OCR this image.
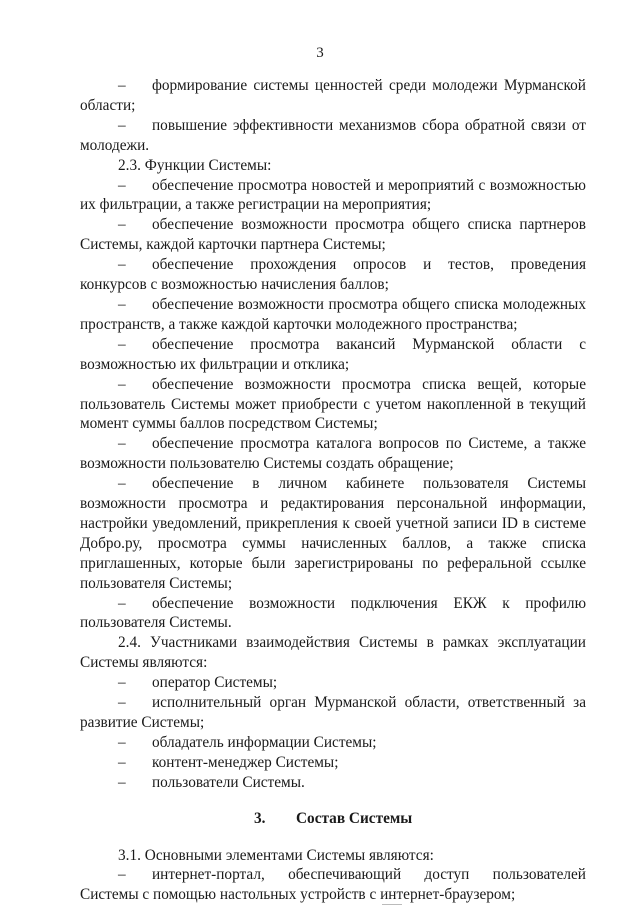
3

– формирование системы ценностей среди молодежи Мурманской области;

– повышение эффективности механизмов сбора обратной связи от молодежи.

2.3. Функции Системы:

– обеспечение просмотра новостей и мероприятий с возможностью их фильтрации, а также регистрации на мероприятия;

– обеспечение возможности просмотра общего списка партнеров Системы, каждой карточки партнера Системы;

– обеспечение прохождения опросов и тестов, проведения конкурсов с возможностью начисления баллов;

– обеспечение возможности просмотра общего списка молодежных пространств, а также каждой карточки молодежного пространства;

– обеспечение просмотра вакансий Мурманской области с возможностью их фильтрации и отклика;

– обеспечение возможности просмотра списка вещей, которые пользователь Системы может приобрести с учетом накопленной в текущий момент суммы баллов посредством Системы;

– обеспечение просмотра каталога вопросов по Системе, а также возможности пользователю Системы создать обращение;

– обеспечение в личном кабинете пользователя Системы возможности просмотра и редактирования персональной информации, настройки уведомлений, прикрепления к своей учетной записи ID в системе Добро.ру, просмотра суммы начисленных баллов, а также списка приглашенных, которые были зарегистрированы по реферальной ссылке пользователя Системы;

– обеспечение возможности подключения ЕКЖ к профилю пользователя Системы.

2.4. Участниками взаимодействия Системы в рамках эксплуатации Системы являются:

– оператор Системы;

– исполнительный орган Мурманской области, ответственный за развитие Системы;

– обладатель информации Системы;

– контент-менеджер Системы;

– пользователи Системы.

3. Состав Системы

3.1. Основными элементами Системы являются:

– интернет-портал, обеспечивающий доступ пользователей Системы с помощью настольных устройств с интернет-браузером;
